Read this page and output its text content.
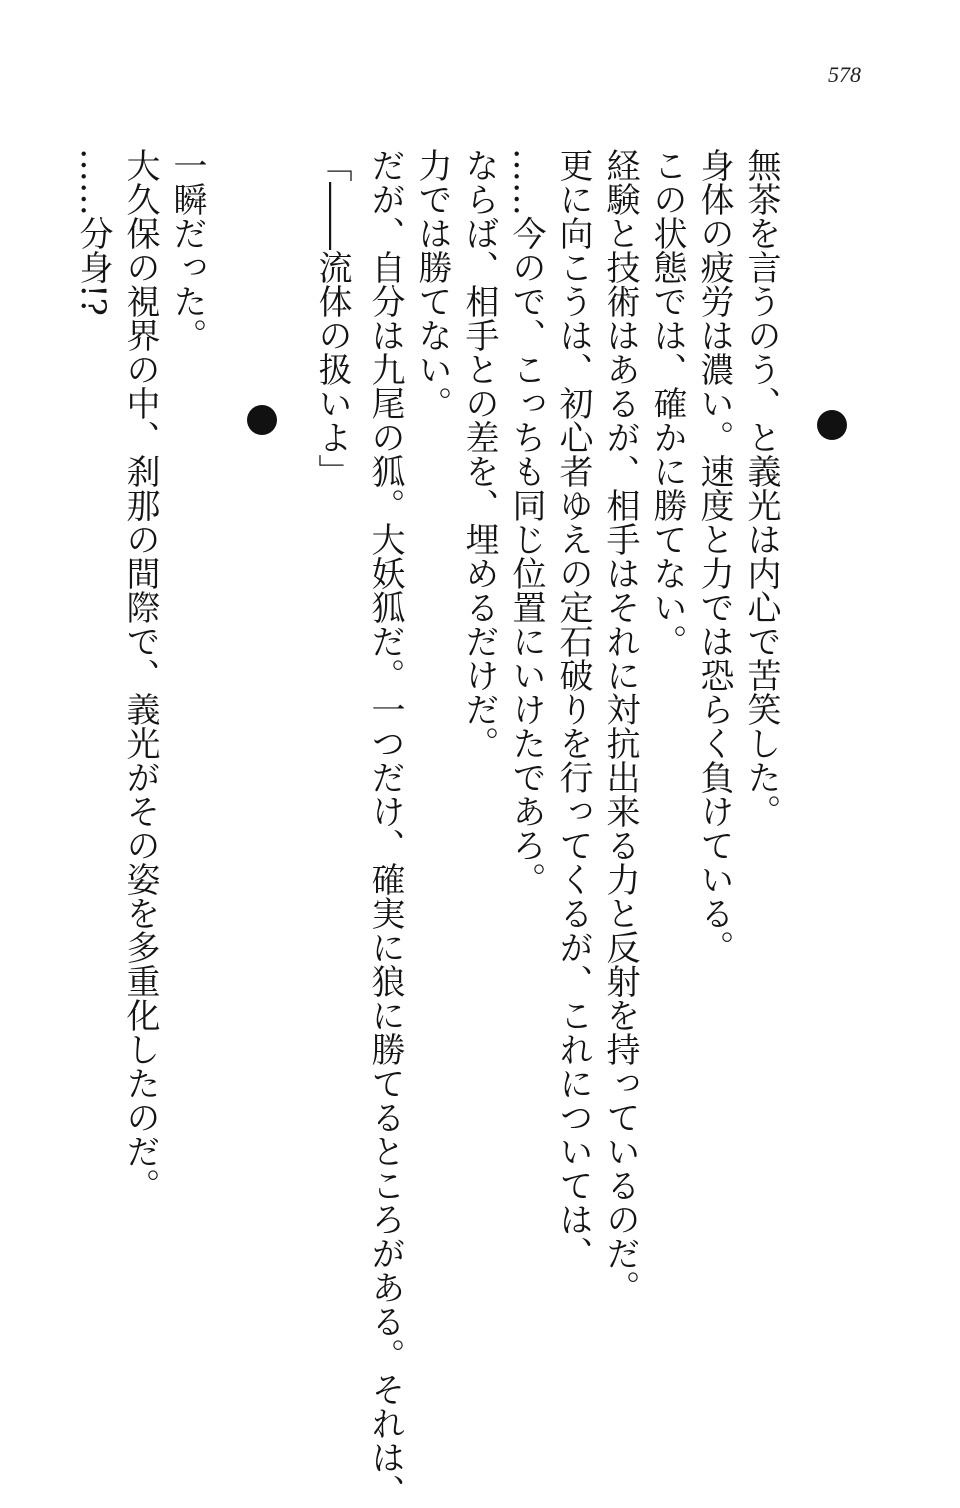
578
無茶を言うのう、と義光は内心で苦笑した。
身体の疲労は濃い。速度と力では恐らく負けている。
この状態では、確かに勝てない。
経験と技術はあるが、相手はそれに対抗出来る力と反射を持っているのだ。
更に向こうは、初心者ゆえの定石破りを行ってくるが、これについては、
……今ので、こっちも同じ位置にいけたであろ。
ならば、相手との差を、埋めるだけだ。
力では勝てない。
だが、自分は九尾の狐。大妖狐だ。一つだけ、確実に狼に勝てるところがある。それは、
「――流体の扱いよ」
一瞬だった。
大久保の視界の中、刹那の間際で、義光がその姿を多重化したのだ。
……分身!?
